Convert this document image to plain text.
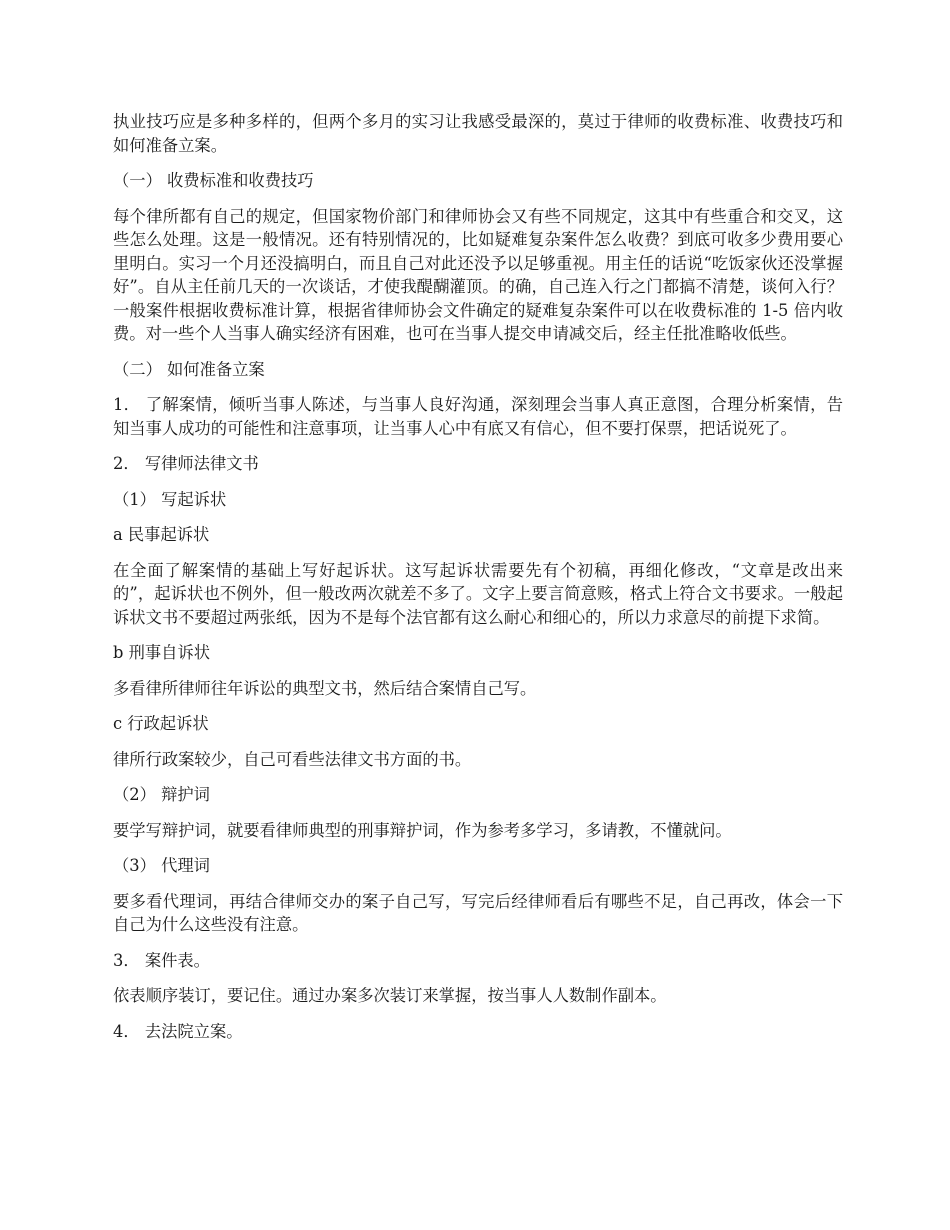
执业技巧应是多种多样的，但两个多月的实习让我感受最深的，莫过于律师的收费标准、收费技巧和如何准备立案。

（一） 收费标准和收费技巧

每个律所都有自己的规定，但国家物价部门和律师协会又有些不同规定，这其中有些重合和交叉，这些怎么处理。这是一般情况。还有特别情况的，比如疑难复杂案件怎么收费？到底可收多少费用要心里明白。实习一个月还没搞明白，而且自己对此还没予以足够重视。用主任的话说“吃饭家伙还没掌握好”。自从主任前几天的一次谈话，才使我醍醐灌顶。的确，自己连入行之门都搞不清楚，谈何入行？一般案件根据收费标准计算，根据省律师协会文件确定的疑难复杂案件可以在收费标准的 1-5 倍内收费。对一些个人当事人确实经济有困难，也可在当事人提交申请减交后，经主任批准略收低些。

（二） 如何准备立案

1． 了解案情，倾听当事人陈述，与当事人良好沟通，深刻理会当事人真正意图，合理分析案情，告知当事人成功的可能性和注意事项，让当事人心中有底又有信心，但不要打保票，把话说死了。

2． 写律师法律文书

（1） 写起诉状

a 民事起诉状

在全面了解案情的基础上写好起诉状。这写起诉状需要先有个初稿，再细化修改，“文章是改出来的”，起诉状也不例外，但一般改两次就差不多了。文字上要言简意赅，格式上符合文书要求。一般起诉状文书不要超过两张纸，因为不是每个法官都有这么耐心和细心的，所以力求意尽的前提下求简。

b 刑事自诉状

多看律所律师往年诉讼的典型文书，然后结合案情自己写。

c 行政起诉状

律所行政案较少，自己可看些法律文书方面的书。

（2） 辩护词

要学写辩护词，就要看律师典型的刑事辩护词，作为参考多学习，多请教，不懂就问。

（3） 代理词

要多看代理词，再结合律师交办的案子自己写，写完后经律师看后有哪些不足，自己再改，体会一下自己为什么这些没有注意。

3． 案件表。

依表顺序装订，要记住。通过办案多次装订来掌握，按当事人人数制作副本。

4． 去法院立案。
